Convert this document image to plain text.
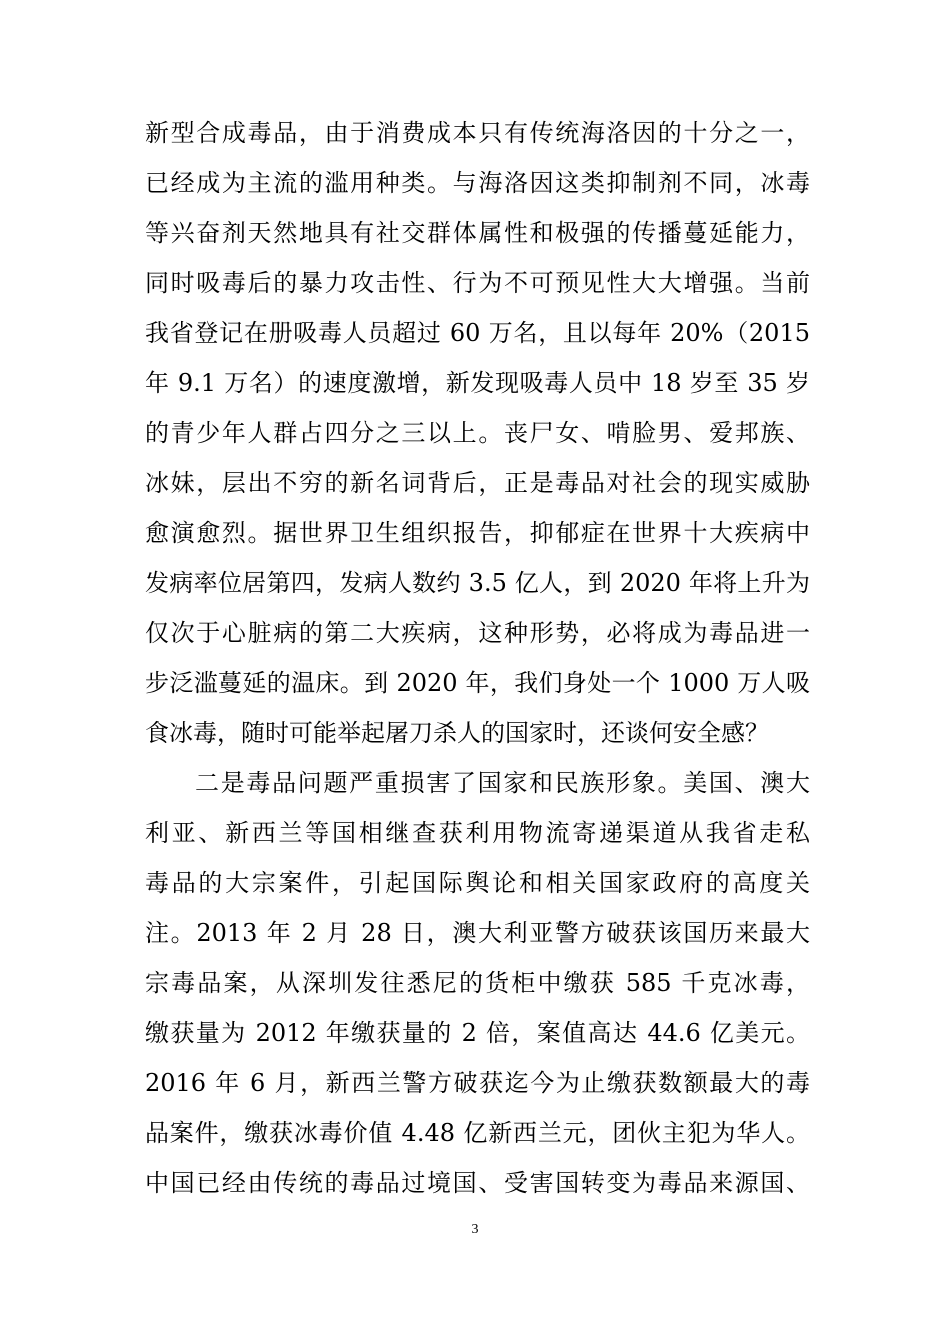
新型合成毒品，由于消费成本只有传统海洛因的十分之一，
已经成为主流的滥用种类。与海洛因这类抑制剂不同，冰毒
等兴奋剂天然地具有社交群体属性和极强的传播蔓延能力，
同时吸毒后的暴力攻击性、行为不可预见性大大增强。当前
我省登记在册吸毒人员超过 60 万名，且以每年 20%（2015
年 9.1 万名）的速度激增，新发现吸毒人员中 18 岁至 35 岁
的青少年人群占四分之三以上。丧尸女、啃脸男、爱邦族、
冰妹，层出不穷的新名词背后，正是毒品对社会的现实威胁
愈演愈烈。据世界卫生组织报告，抑郁症在世界十大疾病中
发病率位居第四，发病人数约 3.5 亿人，到 2020 年将上升为
仅次于心脏病的第二大疾病，这种形势，必将成为毒品进一
步泛滥蔓延的温床。到 2020 年，我们身处一个 1000 万人吸
食冰毒，随时可能举起屠刀杀人的国家时，还谈何安全感？
二是毒品问题严重损害了国家和民族形象。美国、澳大
利亚、新西兰等国相继查获利用物流寄递渠道从我省走私
毒品的大宗案件，引起国际舆论和相关国家政府的高度关
注。2013 年 2 月 28 日，澳大利亚警方破获该国历来最大
宗毒品案，从深圳发往悉尼的货柜中缴获 585 千克冰毒，
缴获量为 2012 年缴获量的 2 倍，案值高达 44.6 亿美元。
2016 年 6 月，新西兰警方破获迄今为止缴获数额最大的毒
品案件，缴获冰毒价值 4.48 亿新西兰元，团伙主犯为华人。
中国已经由传统的毒品过境国、受害国转变为毒品来源国、
3
